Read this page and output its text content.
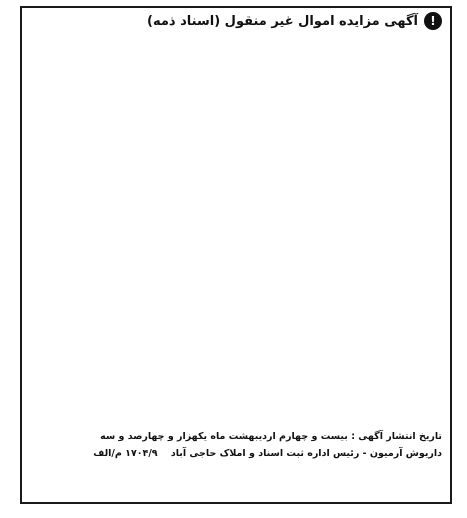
!
آگهی مزایده اموال غیر منقول (اسناد ذمه)
تاریخ انتشار آگهی : بیست و چهارم اردیبهشت ماه یکهزار و چهارصد و سه
داریوش آرمیون - رئیس اداره ثبت اسناد و املاک حاجی آباد    ۱۷۰۴/۹ م/الف
